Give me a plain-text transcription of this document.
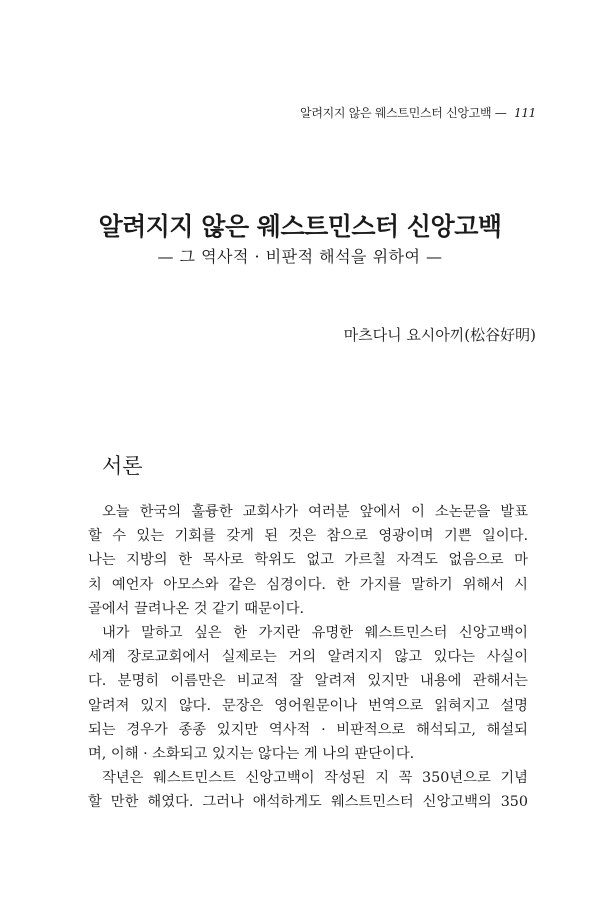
알려지지 않은 웨스트민스터 신앙고백 — 111
알려지지 않은 웨스트민스터 신앙고백
— 그 역사적 · 비판적 해석을 위하여 —
마츠다니 요시아끼(松谷好明)
서론
오늘 한국의 훌륭한 교회사가 여러분 앞에서 이 소논문을 발표
할 수 있는 기회를 갖게 된 것은 참으로 영광이며 기쁜 일이다.
나는 지방의 한 목사로 학위도 없고 가르칠 자격도 없음으로 마
치 예언자 아모스와 같은 심경이다. 한 가지를 말하기 위해서 시
골에서 끌려나온 것 같기 때문이다.
내가 말하고 싶은 한 가지란 유명한 웨스트민스터 신앙고백이
세계 장로교회에서 실제로는 거의 알려지지 않고 있다는 사실이
다. 분명히 이름만은 비교적 잘 알려져 있지만 내용에 관해서는
알려져 있지 않다. 문장은 영어원문이나 번역으로 읽혀지고 설명
되는 경우가 종종 있지만 역사적 · 비판적으로 해석되고, 해설되
며, 이해 · 소화되고 있지는 않다는 게 나의 판단이다.
작년은 웨스트민스트 신앙고백이 작성된 지 꼭 350년으로 기념
할 만한 해였다. 그러나 애석하게도 웨스트민스터 신앙고백의 350
